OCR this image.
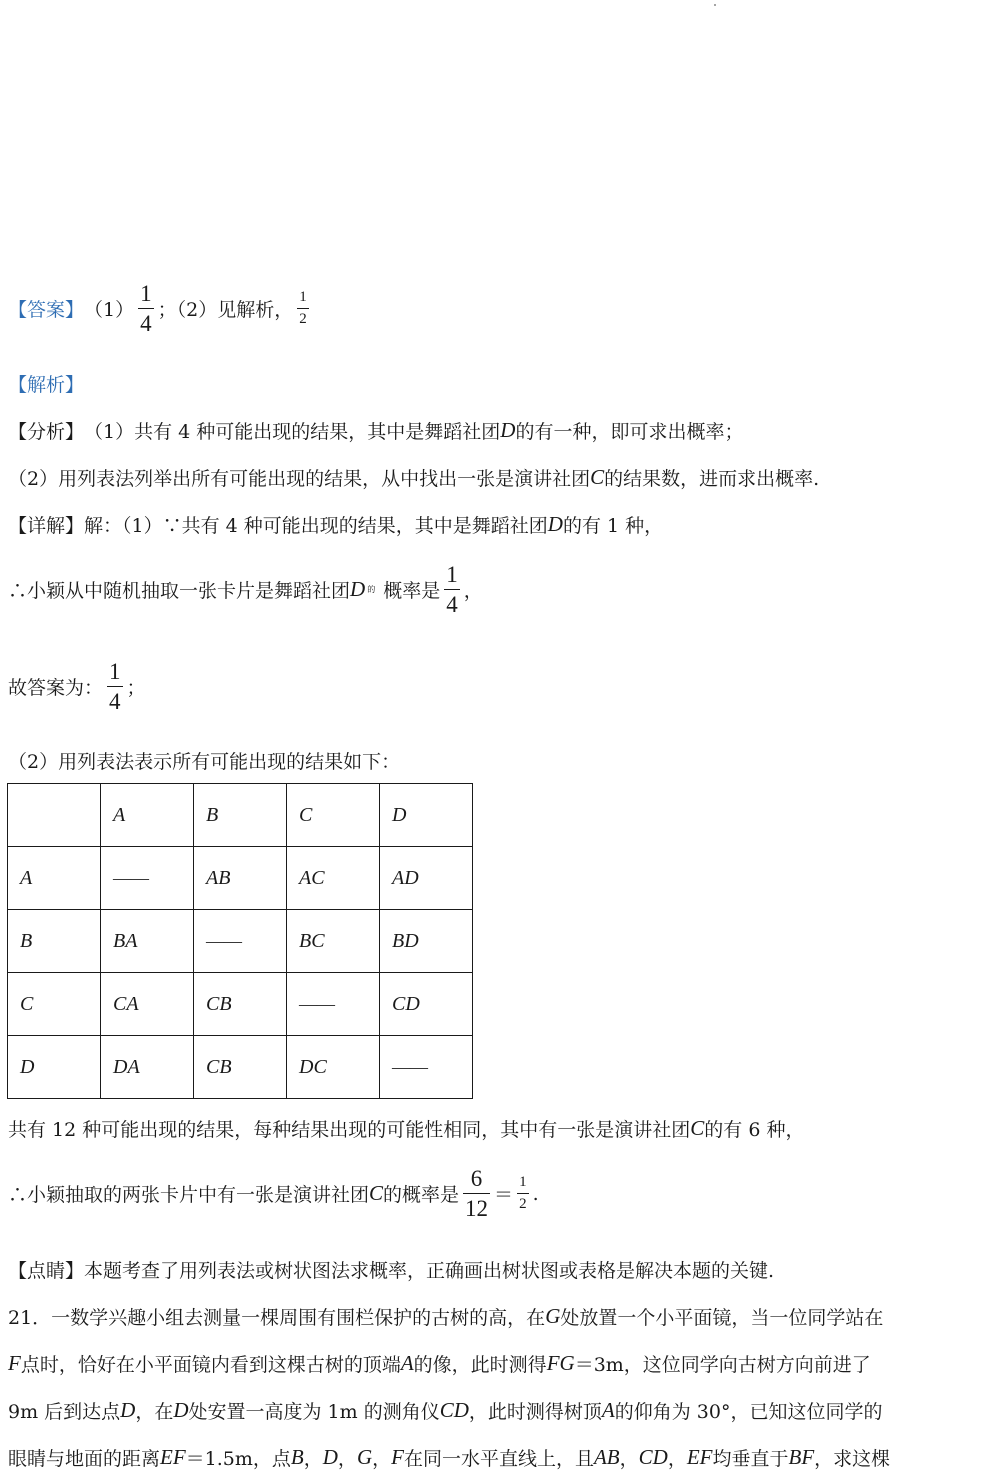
【答案】 $(1) \frac{1}{4}$ ；（2）见解析， $\frac{1}{2}$
【解析】
【分析】 （1）共有 4 种可能出现的结果，其中是舞蹈社团 D 的有一种，即可求出概率；
（2）用列表法列举出所有可能出现的结果，从中找出一张是演讲社团 C 的结果数，进而求出概率.
【详解】 解：（1）∵共有 4 种可能出现的结果，其中是舞蹈社团 D 的有 1 种，
∴小颖从中随机抽取一张卡片是舞蹈社团 D 的 概率是 $\frac{1}{4}$ ，
故答案为： $\frac{1}{4}$ ；
（2）用列表法表示所有可能出现的结果如下：
	A	B	C	D
A	——	AB	AC	AD
B	BA	——	BC	BD
C	CA	CB	——	CD
D	DA	CB	DC	——
共有 12 种可能出现的结果，每种结果出现的可能性相同，其中有一张是演讲社团 C 的有 6 种，
∴小颖抽取的两张卡片中有一张是演讲社团 C 的概率是 $\frac{6}{12} = \frac{1}{2}$ .
【点睛】 本题考查了用列表法或树状图法求概率，正确画出树状图或表格是解决本题的关键.
21．一数学兴趣小组去测量一棵周围有围栏保护的古树的高，在 G 处放置一个小平面镜，当一位同学站在
F 点时，恰好在小平面镜内看到这棵古树的顶端 A 的像，此时测得 FG ＝3m，这位同学向古树方向前进了
9m 后到达点 D ，在 D 处安置一高度为 1m 的测角仪 CD ，此时测得树顶 A 的仰角为 30°，已知这位同学的
眼睛与地面的距离 EF ＝1.5m，点 B ， D ， G ， F 在同一水平直线上，且 AB ， CD ， EF 均垂直于 BF ，求这棵
